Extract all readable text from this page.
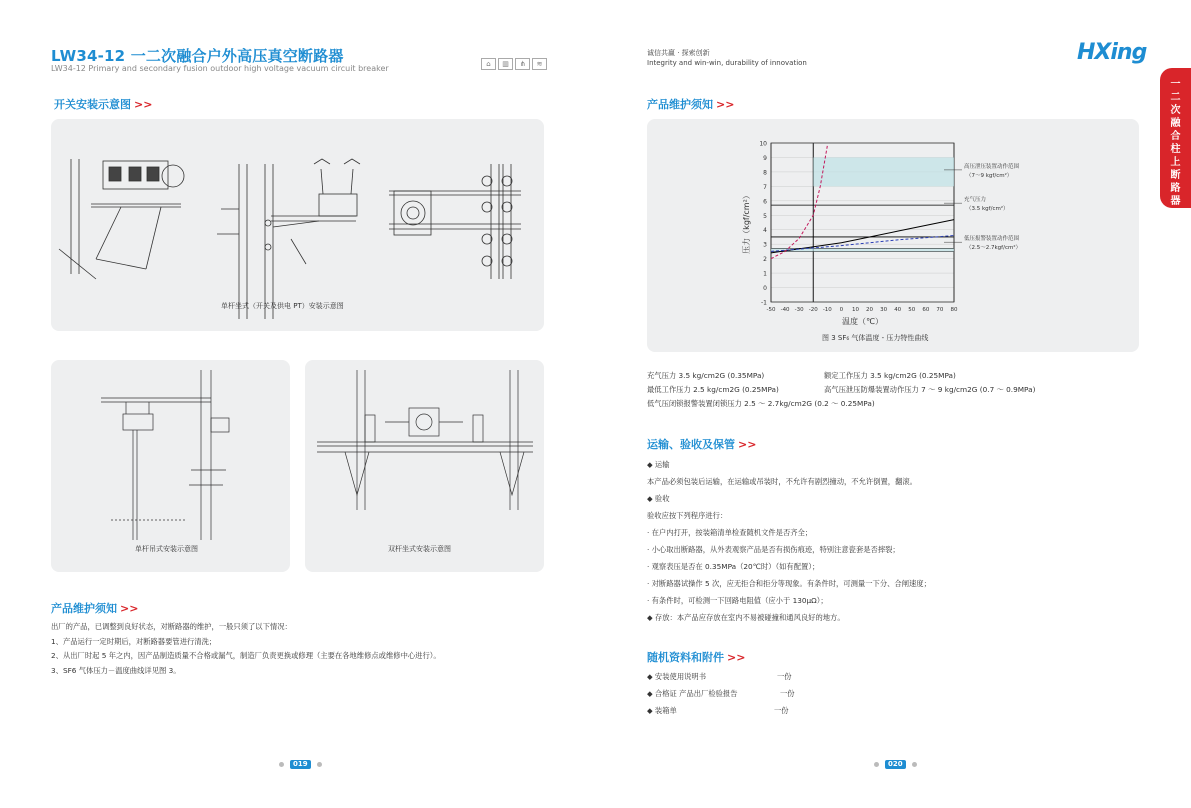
LW34-12 一二次融合户外高压真空断路器
LW34-12 Primary and secondary fusion outdoor high voltage vacuum circuit breaker	⌂	▥	⋔	≋
开关安装示意图 >>
单杆坐式（开关及供电 PT）安装示意图
单杆吊式安装示意图	双杆坐式安装示意图
产品维护须知 >>
出厂的产品，已调整到良好状态，对断路器的维护，一般只须了以下情况：
1、产品运行一定时期后，对断路器要管进行清洗；
2、从出厂时起 5 年之内，因产品制造质量不合格或漏气，制造厂负责更换或修理（主要在各地维修点或维修中心进行）。
3、SF6 气体压力－温度曲线详见图 3。
019
诚信共赢 · 探索创新
Integrity and win-win, durability of innovation	HXing
一
二
次
融
合
柱
上
断
路
器
产品维护须知 >>
-1
0
1
2
3
4
5
6
7
8
9
10
-50 -40 -30 -20 -10 0 10 20 30 40 50 60 70 80
高压泄压装置动作范围
（7～9 kgf/cm²）
充气压力
（3.5 kgf/cm²）
低压报警装置动作范围
（2.5～2.7kgf/cm²）
温度（℃）
压力（kgf/cm²）
图 3 SF₆ 气体温度 - 压力特性曲线
充气压力 3.5 kg/cm2G (0.35MPa)	额定工作压力 3.5 kg/cm2G (0.25MPa)
最低工作压力 2.5 kg/cm2G (0.25MPa)	高气压泄压防爆装置动作压力 7 ～ 9 kg/cm2G (0.7 ～ 0.9MPa)
低气压闭锁报警装置闭锁压力 2.5 ～ 2.7kg/cm2G (0.2 ～ 0.25MPa)
运输、验收及保管 >>
◆ 运输
本产品必须包装后运输，在运输或吊装时，不允许有剧烈撞动，不允许倒置，翻滚。
◆ 验收
验收应按下列程序进行：
· 在户内打开，按装箱清单检查随机文件是否齐全；
· 小心取出断路器，从外表观察产品是否有损伤痕迹，特别注意瓷套是否摔裂；
· 观察表压是否在 0.35MPa（20℃时）（如有配置）；
· 对断路器试操作 5 次，应无拒合和拒分等现象。有条件时，可测量一下分、合闸速度；
· 有条件时，可检测一下回路电阻值（应小于 130μΩ）；
◆ 存放：本产品应存放在室内不易被碰撞和通风良好的地方。
随机资料和附件 >>
◆ 安装使用说明书	一份
◆ 合格证 产品出厂检验报告	一份
◆ 装箱单	一份
020
